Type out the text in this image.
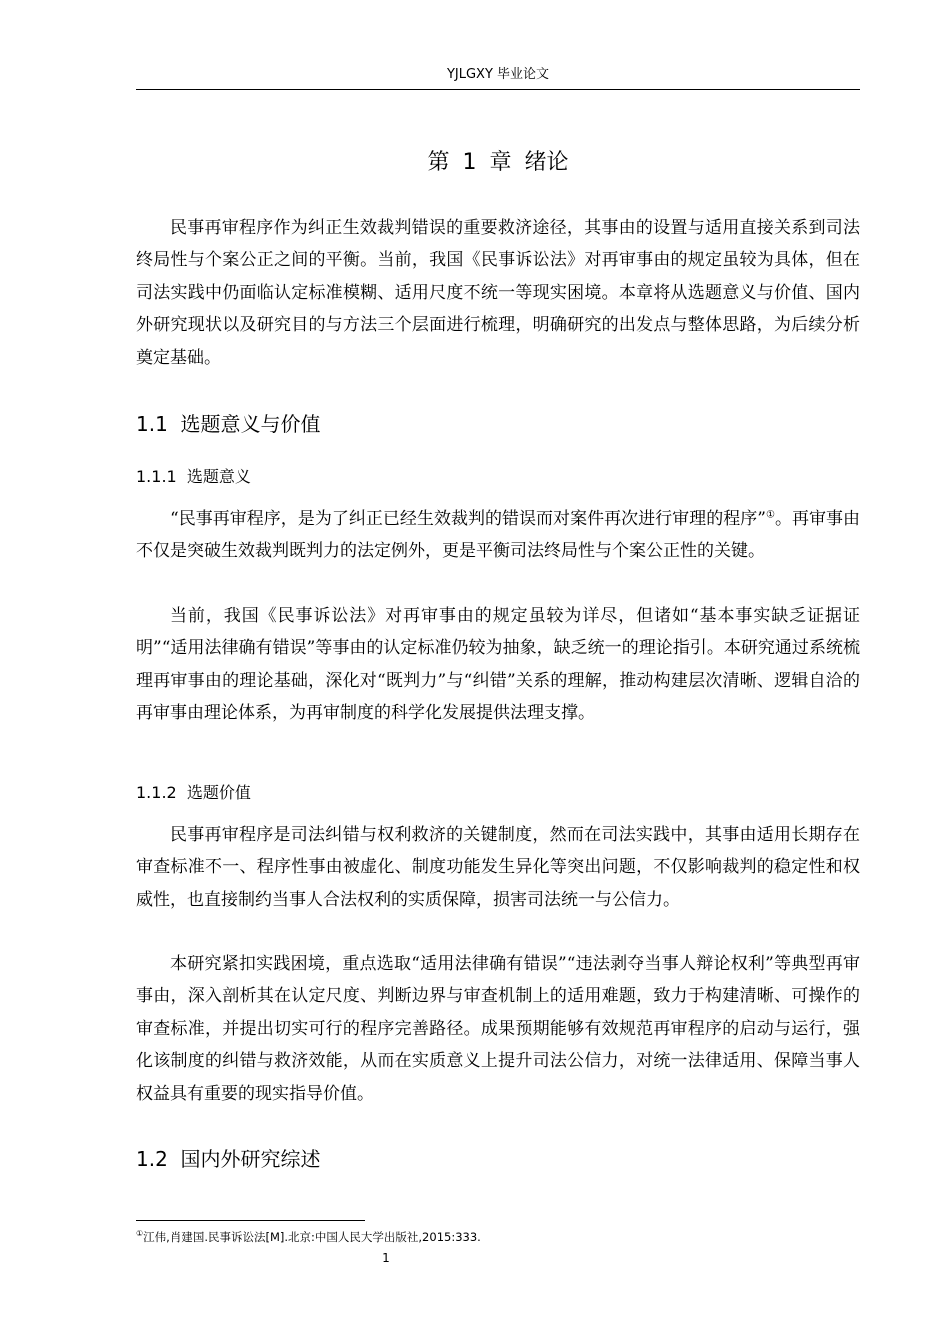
YJLGXY 毕业论文
第 1 章 绪论

民事再审程序作为纠正生效裁判错误的重要救济途径，其事由的设置与适用直接关系到司法终局性与个案公正之间的平衡。当前，我国《民事诉讼法》对再审事由的规定虽较为具体，但在司法实践中仍面临认定标准模糊、适用尺度不统一等现实困境。本章将从选题意义与价值、国内外研究现状以及研究目的与方法三个层面进行梳理，明确研究的出发点与整体思路，为后续分析奠定基础。

1.1 选题意义与价值
1.1.1 选题意义

“民事再审程序，是为了纠正已经生效裁判的错误而对案件再次进行审理的程序”①。再审事由不仅是突破生效裁判既判力的法定例外，更是平衡司法终局性与个案公正性的关键。

当前，我国《民事诉讼法》对再审事由的规定虽较为详尽，但诸如“基本事实缺乏证据证明”“适用法律确有错误”等事由的认定标准仍较为抽象，缺乏统一的理论指引。本研究通过系统梳理再审事由的理论基础，深化对“既判力”与“纠错”关系的理解，推动构建层次清晰、逻辑自洽的再审事由理论体系，为再审制度的科学化发展提供法理支撑。

1.1.2 选题价值

民事再审程序是司法纠错与权利救济的关键制度，然而在司法实践中，其事由适用长期存在审查标准不一、程序性事由被虚化、制度功能发生异化等突出问题，不仅影响裁判的稳定性和权威性，也直接制约当事人合法权利的实质保障，损害司法统一与公信力。

本研究紧扣实践困境，重点选取“适用法律确有错误”“违法剥夺当事人辩论权利”等典型再审事由，深入剖析其在认定尺度、判断边界与审查机制上的适用难题，致力于构建清晰、可操作的审查标准，并提出切实可行的程序完善路径。成果预期能够有效规范再审程序的启动与运行，强化该制度的纠错与救济效能，从而在实质意义上提升司法公信力，对统一法律适用、保障当事人权益具有重要的现实指导价值。

1.2 国内外研究综述
①江伟,肖建国.民事诉讼法[M].北京:中国人民大学出版社,2015:333.
1
